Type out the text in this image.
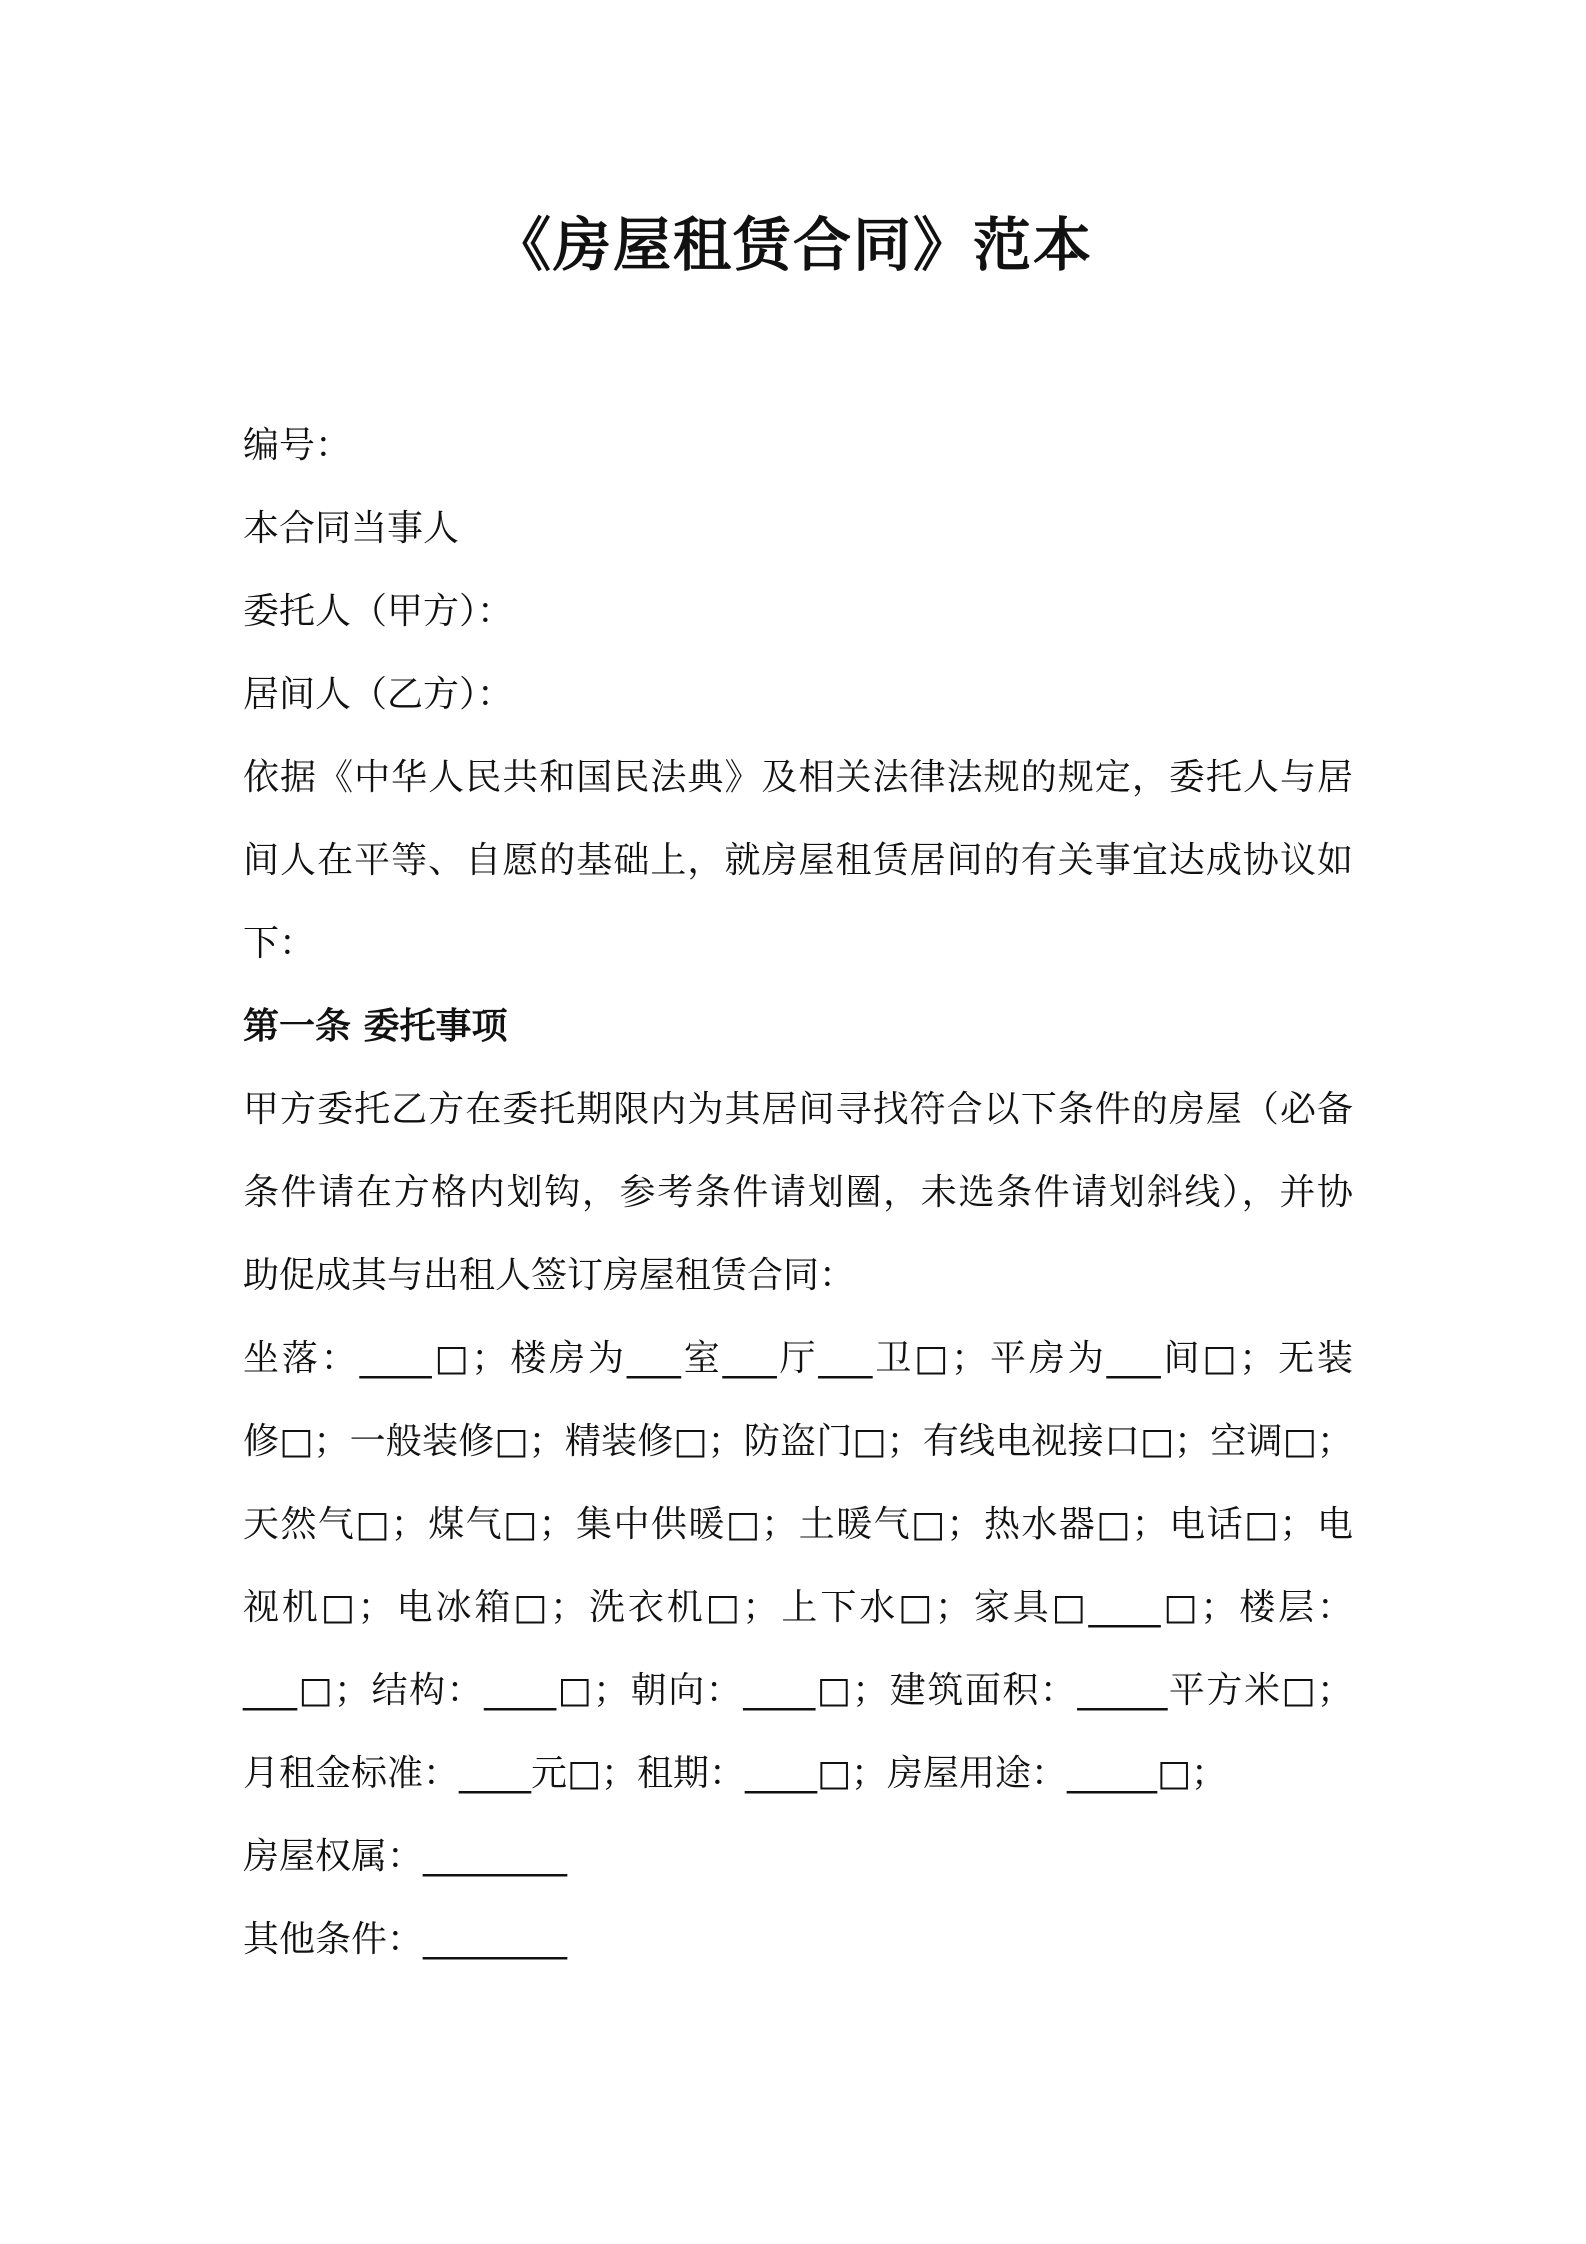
《房屋租赁合同》范本
编号：
本合同当事人
委托人（甲方）：
居间人（乙方）：
依据《中华人民共和国民法典》及相关法律法规的规定，委托人与居
间人在平等、自愿的基础上，就房屋租赁居间的有关事宜达成协议如
下：
第一条 委托事项
甲方委托乙方在委托期限内为其居间寻找符合以下条件的房屋（必备
条件请在方格内划钩，参考条件请划圈，未选条件请划斜线），并协
助促成其与出租人签订房屋租赁合同：
坐落：____□；楼房为___室___厅___卫□；平房为___间□；无装
修□；一般装修□；精装修□；防盗门□；有线电视接口□；空调□；
天然气□；煤气□；集中供暖□；土暖气□；热水器□；电话□；电
视机□；电冰箱□；洗衣机□；上下水□；家具□____□；楼层：
___□；结构：____□；朝向：____□；建筑面积：_____平方米□；
月租金标准：____元□；租期：____□；房屋用途：_____□；
房屋权属：________
其他条件：________
